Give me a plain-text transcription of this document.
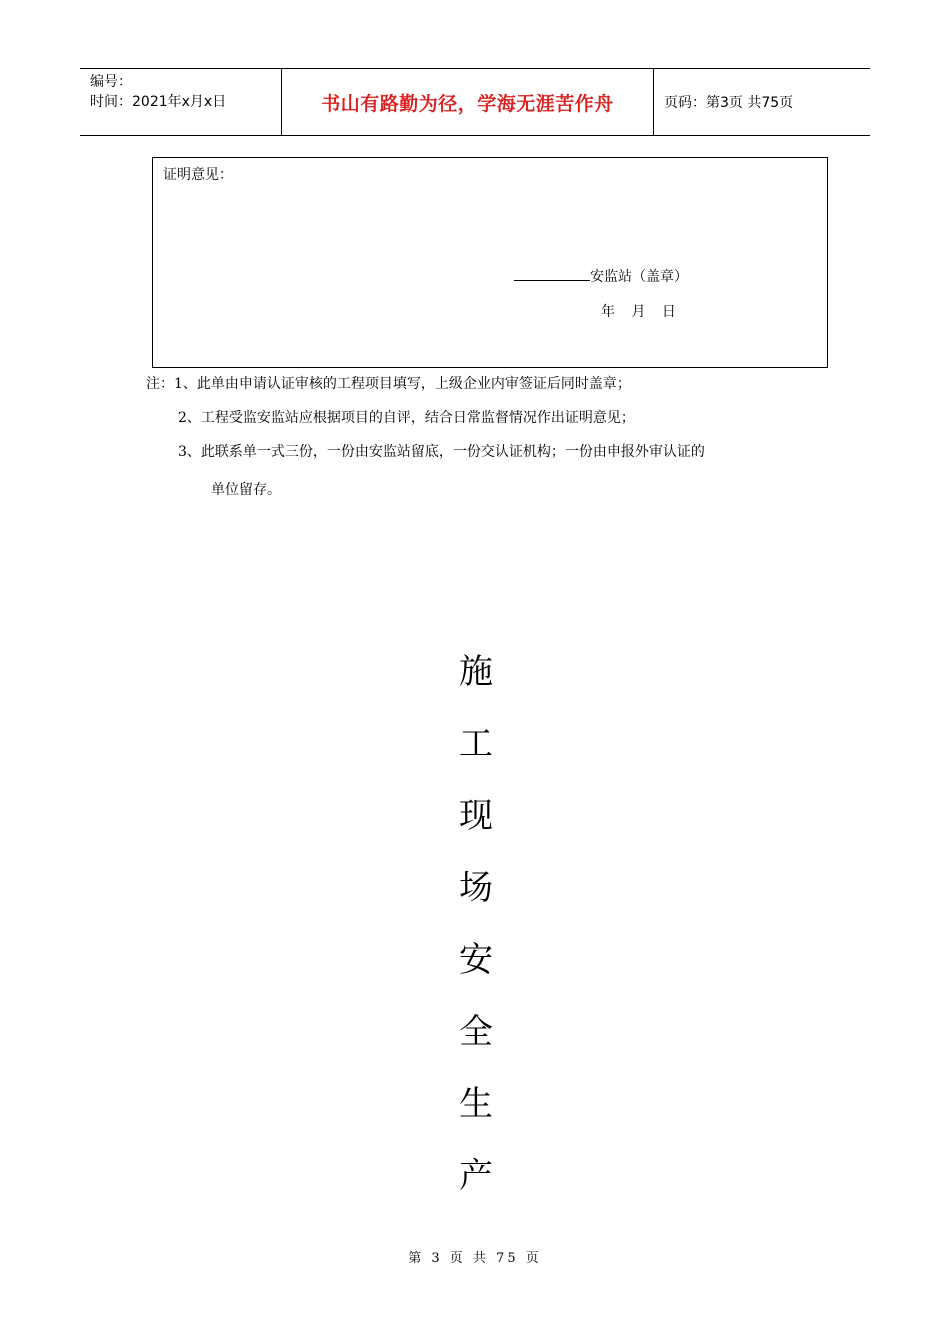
编号：
时间：2021年x月x日	书山有路勤为径，学海无涯苦作舟	页码：第3页 共75页
证明意见：
安监站（盖章）
年 月 日
注：1、此单由申请认证审核的工程项目填写，上级企业内审签证后同时盖章；
2、工程受监安监站应根据项目的自评，结合日常监督情况作出证明意见；
3、此联系单一式三份，一份由安监站留底，一份交认证机构；一份由申报外审认证的
单位留存。
施
工
现
场
安
全
生
产
第 3 页 共 75 页
